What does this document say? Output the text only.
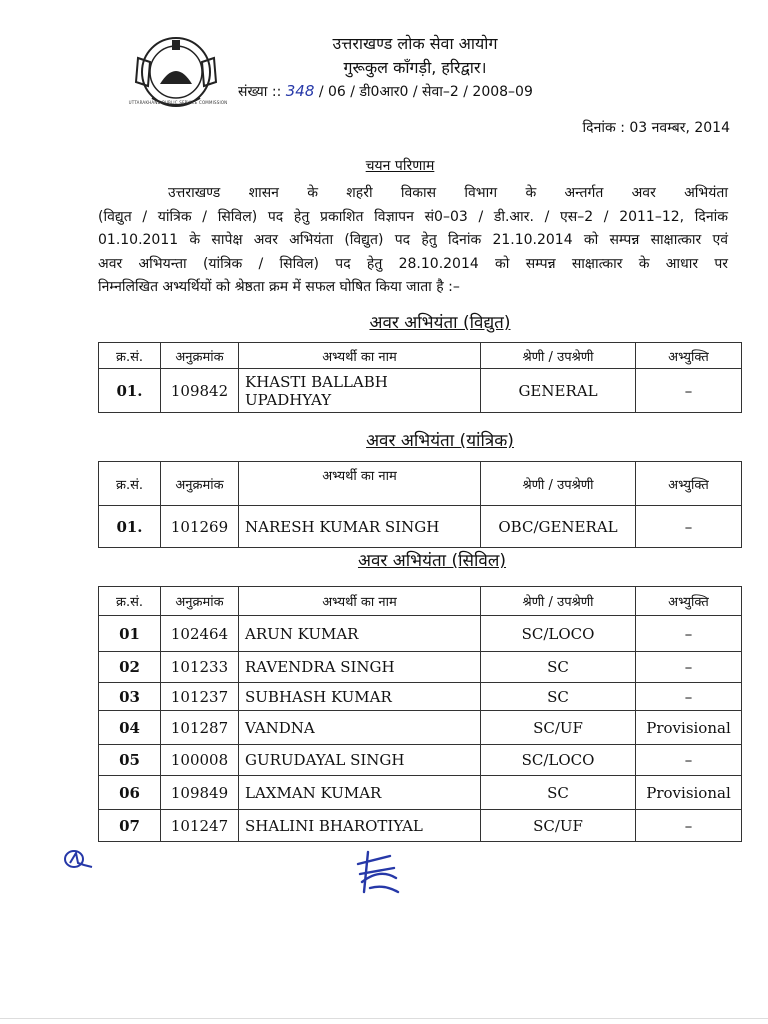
UTTARAKHAND PUBLIC SERVICE COMMISSION
उत्तराखण्ड लोक सेवा आयोग
गुरूकुल काँगड़ी, हरिद्वार।
संख्या :: 348 / 06 / डी0आर0 / सेवा–2 / 2008–09
दिनांक : 03 नवम्बर, 2014
चयन परिणाम
उत्तराखण्ड शासन के शहरी विकास विभाग के अन्तर्गत अवर अभियंता
(विद्युत / यांत्रिक / सिविल) पद हेतु प्रकाशित विज्ञापन सं0–03 / डी.आर. / एस–2 / 2011–12, दिनांक
01.10.2011 के सापेक्ष अवर अभियंता (विद्युत) पद हेतु दिनांक 21.10.2014 को सम्पन्न साक्षात्कार एवं
अवर अभियन्ता (यांत्रिक / सिविल) पद हेतु 28.10.2014 को सम्पन्न साक्षात्कार के आधार पर
निम्नलिखित अभ्यर्थियों को श्रेष्ठता क्रम में सफल घोषित किया जाता है :–
अवर अभियंता (विद्युत)
क्र.सं.	अनुक्रमांक	अभ्यर्थी का नाम	श्रेणी / उपश्रेणी	अभ्युक्ति
01.	109842	KHASTI BALLABH UPADHYAY	GENERAL	–
अवर अभियंता (यांत्रिक)
क्र.सं.	अनुक्रमांक	अभ्यर्थी का नाम	श्रेणी / उपश्रेणी	अभ्युक्ति
01.	101269	NARESH KUMAR SINGH	OBC/GENERAL	–
अवर अभियंता (सिविल)
क्र.सं.	अनुक्रमांक	अभ्यर्थी का नाम	श्रेणी / उपश्रेणी	अभ्युक्ति
01	102464	ARUN KUMAR	SC/LOCO	–
02	101233	RAVENDRA SINGH	SC	–
03	101237	SUBHASH KUMAR	SC	–
04	101287	VANDNA	SC/UF	Provisional
05	100008	GURUDAYAL SINGH	SC/LOCO	–
06	109849	LAXMAN KUMAR	SC	Provisional
07	101247	SHALINI BHAROTIYAL	SC/UF	–
